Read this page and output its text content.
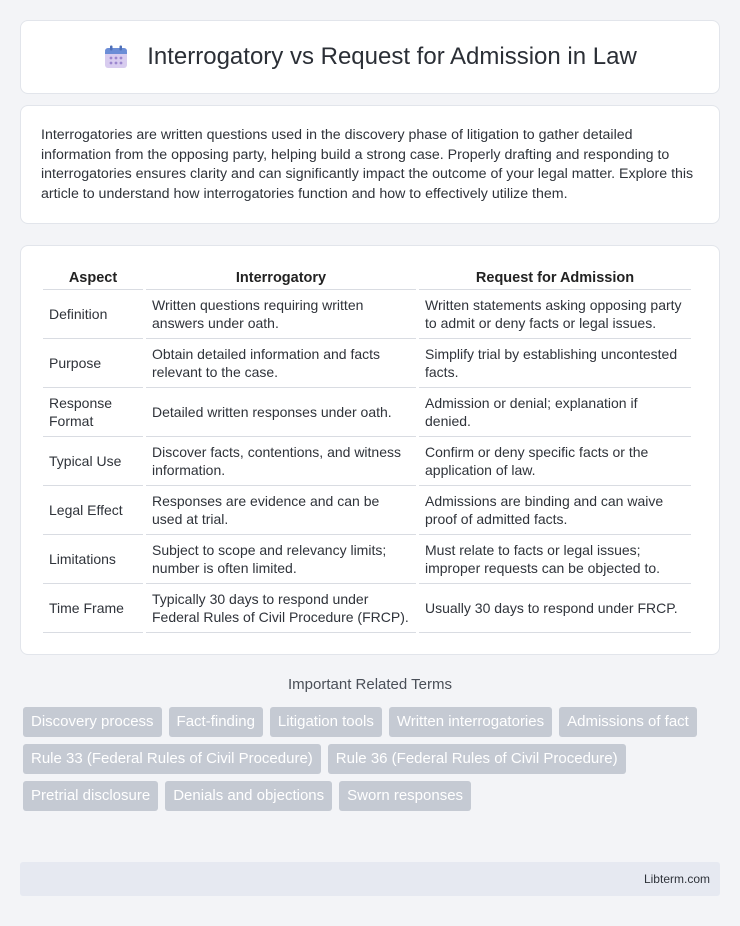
Interrogatory vs Request for Admission in Law

Interrogatories are written questions used in the discovery phase of litigation to gather detailed information from the opposing party, helping build a strong case. Properly drafting and responding to interrogatories ensures clarity and can significantly impact the outcome of your legal matter. Explore this article to understand how interrogatories function and how to effectively utilize them.

Aspect	Interrogatory	Request for Admission
Definition	Written questions requiring written answers under oath.	Written statements asking opposing party to admit or deny facts or legal issues.
Purpose	Obtain detailed information and facts relevant to the case.	Simplify trial by establishing uncontested facts.
Response Format	Detailed written responses under oath.	Admission or denial; explanation if denied.
Typical Use	Discover facts, contentions, and witness information.	Confirm or deny specific facts or the application of law.
Legal Effect	Responses are evidence and can be used at trial.	Admissions are binding and can waive proof of admitted facts.
Limitations	Subject to scope and relevancy limits; number is often limited.	Must relate to facts or legal issues; improper requests can be objected to.
Time Frame	Typically 30 days to respond under Federal Rules of Civil Procedure (FRCP).	Usually 30 days to respond under FRCP.
Important Related Terms
Discovery process	Fact-finding	Litigation tools	Written interrogatories	Admissions of fact
Rule 33 (Federal Rules of Civil Procedure)	Rule 36 (Federal Rules of Civil Procedure)
Pretrial disclosure	Denials and objections	Sworn responses
Libterm.com
